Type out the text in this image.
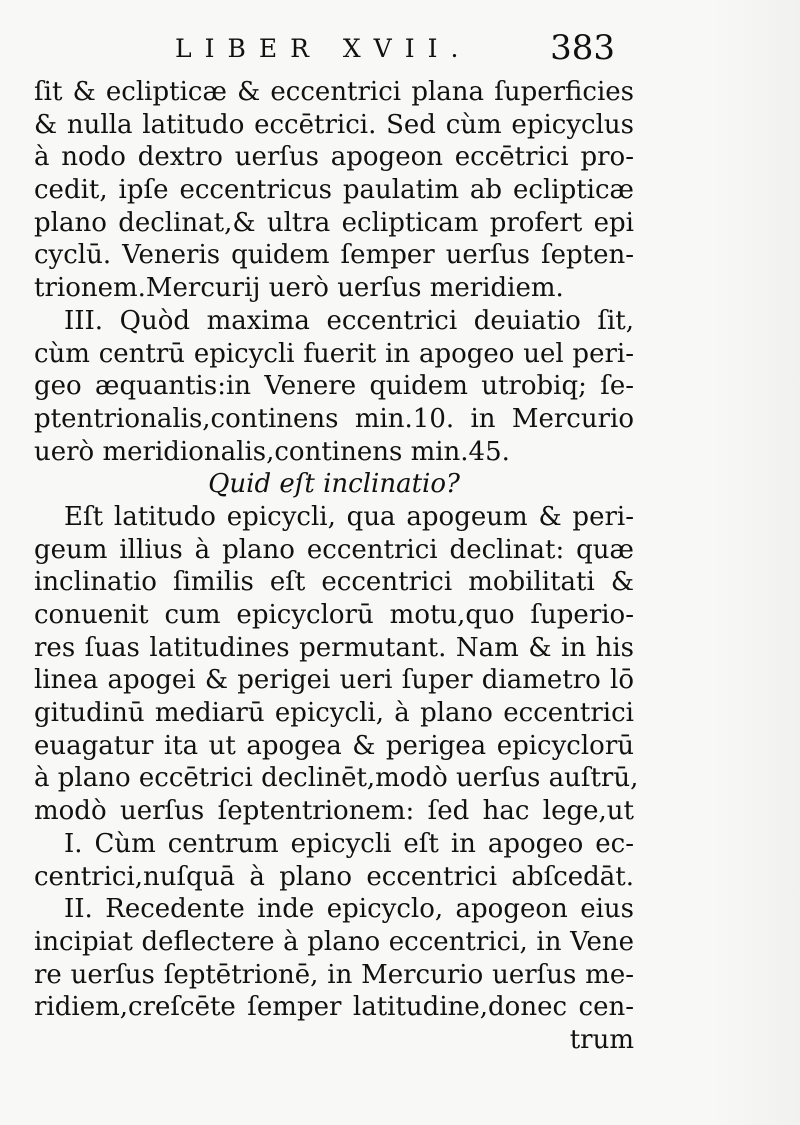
LIBER XVII. 383
ſit & eclipticæ & eccentrici plana ſuperficies
& nulla latitudo eccētrici. Sed cùm epicyclus
à nodo dextro uerſus apogeon eccētrici pro-
cedit, ipſe eccentricus paulatim ab eclipticæ
plano declinat,& ultra eclipticam profert epi
cyclū. Veneris quidem ſemper uerſus ſepten-
trionem.Mercurij uerò uerſus meridiem.
III. Quòd maxima eccentrici deuiatio ſit,
cùm centrū epicycli fuerit in apogeo uel peri-
geo æquantis:in Venere quidem utrobiq; ſe-
ptentrionalis,continens min.10. in Mercurio
uerò meridionalis,continens min.45.
Quid eſt inclinatio?
Eſt latitudo epicycli, qua apogeum & peri-
geum illius à plano eccentrici declinat: quæ
inclinatio ſimilis eſt eccentrici mobilitati &
conuenit cum epicyclorū motu,quo ſuperio-
res ſuas latitudines permutant. Nam & in his
linea apogei & perigei ueri ſuper diametro lō
gitudinū mediarū epicycli, à plano eccentrici
euagatur ita ut apogea & perigea epicyclorū
à plano eccētrici declinēt,modò uerſus auſtrū,
modò uerſus ſeptentrionem: ſed hac lege,ut
I. Cùm centrum epicycli eſt in apogeo ec-
centrici,nuſquā à plano eccentrici abſcedāt.
II. Recedente inde epicyclo, apogeon eius
incipiat deflectere à plano eccentrici, in Vene
re uerſus ſeptētrionē, in Mercurio uerſus me-
ridiem,creſcēte ſemper latitudine,donec cen-
trum
